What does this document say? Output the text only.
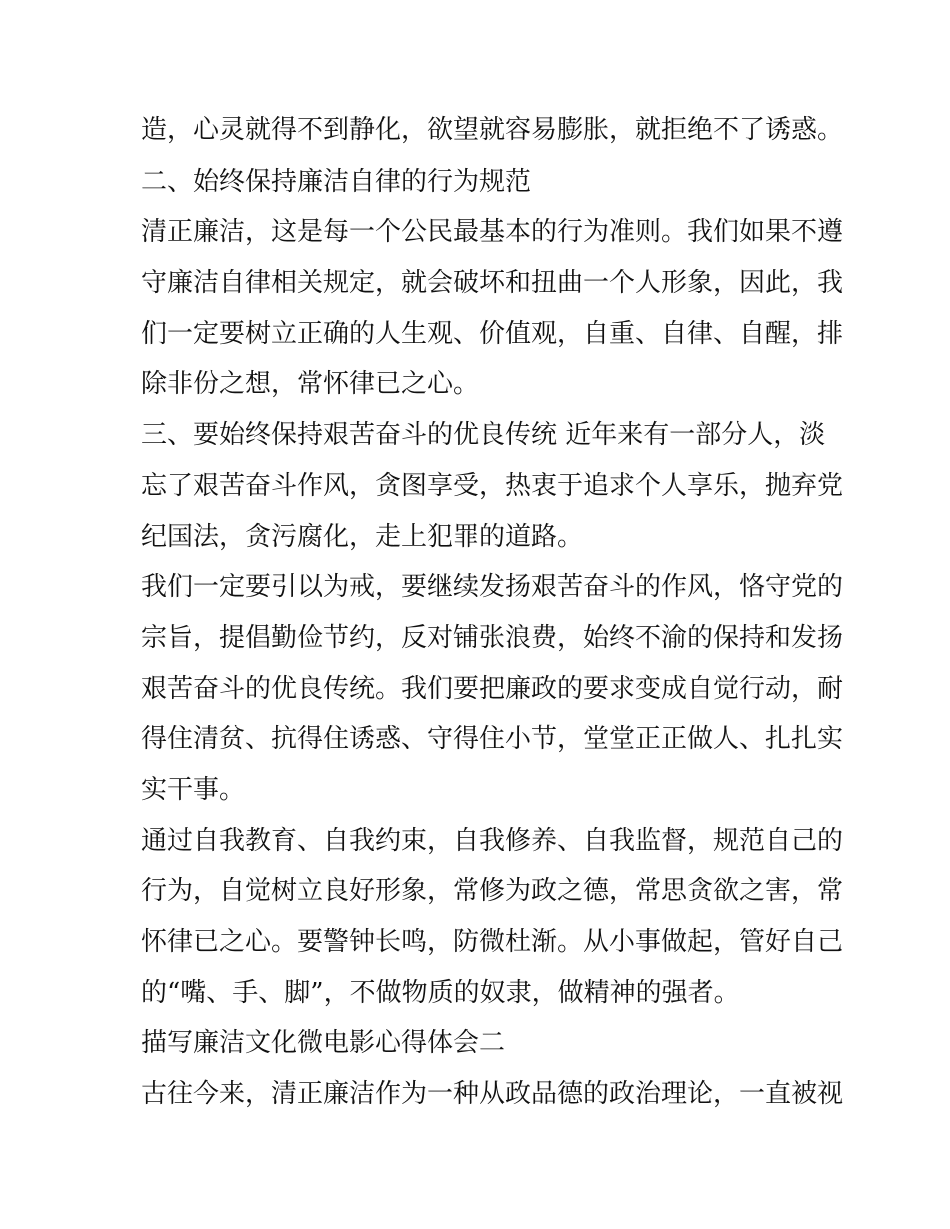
造，心灵就得不到静化，欲望就容易膨胀，就拒绝不了诱惑。
二、始终保持廉洁自律的行为规范
清正廉洁，这是每一个公民最基本的行为准则。我们如果不遵
守廉洁自律相关规定，就会破坏和扭曲一个人形象，因此，我
们一定要树立正确的人生观、价值观，自重、自律、自醒，排
除非份之想，常怀律已之心。
三、要始终保持艰苦奋斗的优良传统 近年来有一部分人，淡
忘了艰苦奋斗作风，贪图享受，热衷于追求个人享乐，抛弃党
纪国法，贪污腐化，走上犯罪的道路。
我们一定要引以为戒，要继续发扬艰苦奋斗的作风，恪守党的
宗旨，提倡勤俭节约，反对铺张浪费，始终不渝的保持和发扬
艰苦奋斗的优良传统。我们要把廉政的要求变成自觉行动，耐
得住清贫、抗得住诱惑、守得住小节，堂堂正正做人、扎扎实
实干事。
通过自我教育、自我约束，自我修养、自我监督，规范自己的
行为，自觉树立良好形象，常修为政之德，常思贪欲之害，常
怀律已之心。要警钟长鸣，防微杜渐。从小事做起，管好自己
的“嘴、手、脚”，不做物质的奴隶，做精神的强者。
描写廉洁文化微电影心得体会二
古往今来，清正廉洁作为一种从政品德的政治理论，一直被视
